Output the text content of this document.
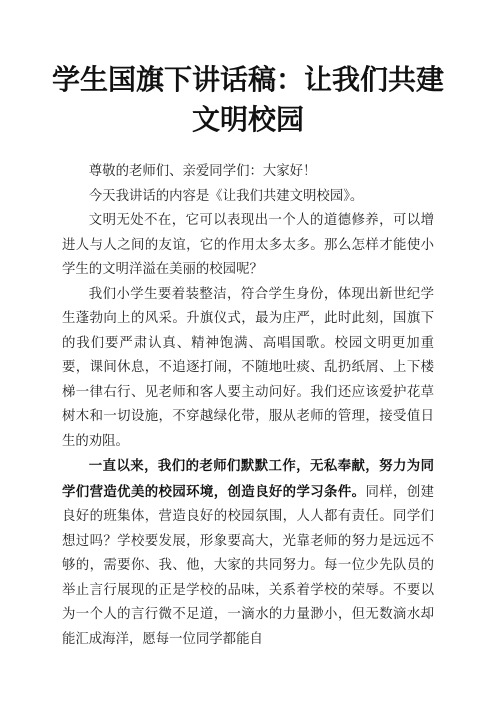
学生国旗下讲话稿：让我们共建文明校园

尊敬的老师们、亲爱同学们：大家好！

今天我讲话的内容是《让我们共建文明校园》。

文明无处不在，它可以表现出一个人的道德修养，可以增进人与人之间的友谊，它的作用太多太多。那么怎样才能使小学生的文明洋溢在美丽的校园呢？

我们小学生要着装整洁，符合学生身份，体现出新世纪学生蓬勃向上的风采。升旗仪式，最为庄严，此时此刻，国旗下的我们要严肃认真、精神饱满、高唱国歌。校园文明更加重要，课间休息，不追逐打闹，不随地吐痰、乱扔纸屑、上下楼梯一律右行、见老师和客人要主动问好。我们还应该爱护花草树木和一切设施，不穿越绿化带，服从老师的管理，接受值日生的劝阻。

一直以来，我们的老师们默默工作，无私奉献，努力为同学们营造优美的校园环境，创造良好的学习条件。同样，创建良好的班集体，营造良好的校园氛围，人人都有责任。同学们想过吗？学校要发展，形象要高大，光靠老师的努力是远远不够的，需要你、我、他，大家的共同努力。每一位少先队员的举止言行展现的正是学校的品味，关系着学校的荣辱。不要以为一个人的言行微不足道，一滴水的力量渺小，但无数滴水却能汇成海洋，愿每一位同学都能自
